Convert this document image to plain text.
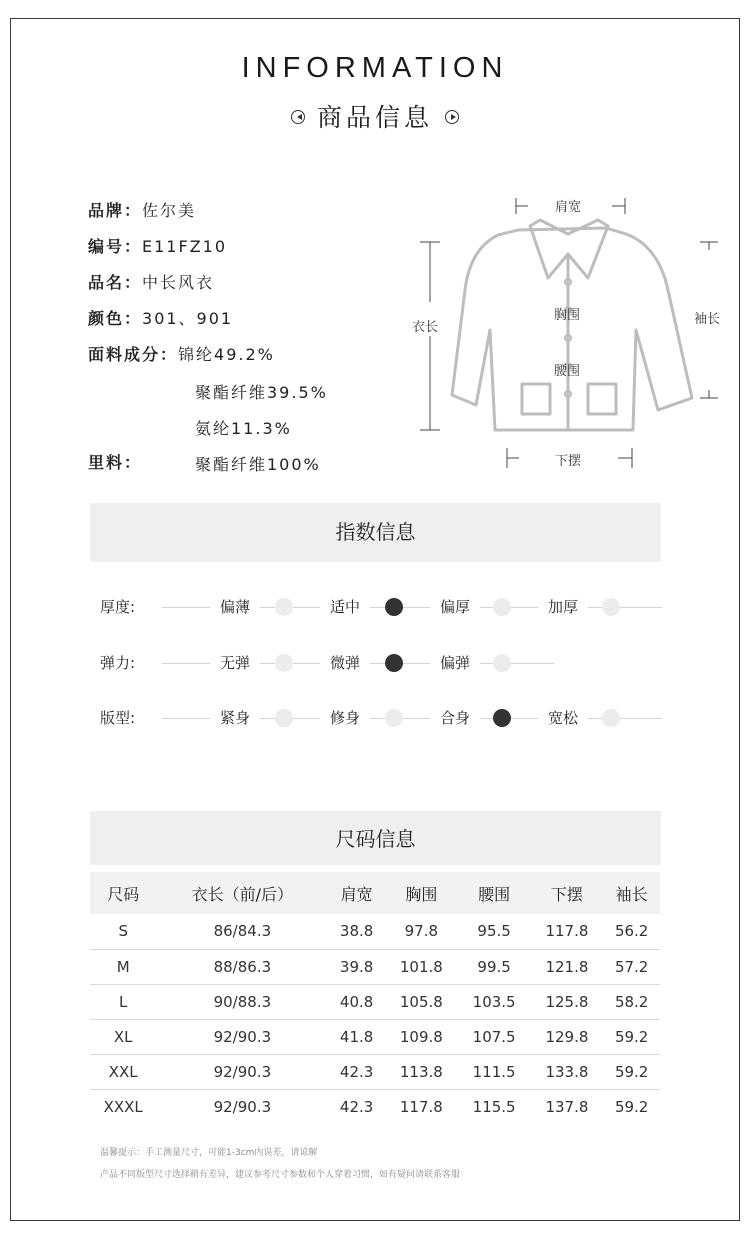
INFORMATION
商品信息
品牌：佐尔美
编号：E11FZ10
品名：中长风衣
颜色：301、901
面料成分：锦纶49.2%
聚酯纤维39.5%
氨纶11.3%
里料：	聚酯纤维100%
肩宽
衣长
胸围
腰围
下摆
袖长
指数信息
厚度:	偏薄	适中	偏厚	加厚
弹力:	无弹	微弹	偏弹
版型:	紧身	修身	合身	宽松
尺码信息
尺码	衣长（前/后）	肩宽	胸围	腰围	下摆	袖长
S	86/84.3	38.8	97.8	95.5	117.8	56.2
M	88/86.3	39.8	101.8	99.5	121.8	57.2
L	90/88.3	40.8	105.8	103.5	125.8	58.2
XL	92/90.3	41.8	109.8	107.5	129.8	59.2
XXL	92/90.3	42.3	113.8	111.5	133.8	59.2
XXXL	92/90.3	42.3	117.8	115.5	137.8	59.2
温馨提示：手工测量尺寸，可能1-3cm内误差，请谅解
产品不同版型尺寸选择稍有差异，建议参考尺寸参数和个人穿着习惯，如有疑问请联系客服
